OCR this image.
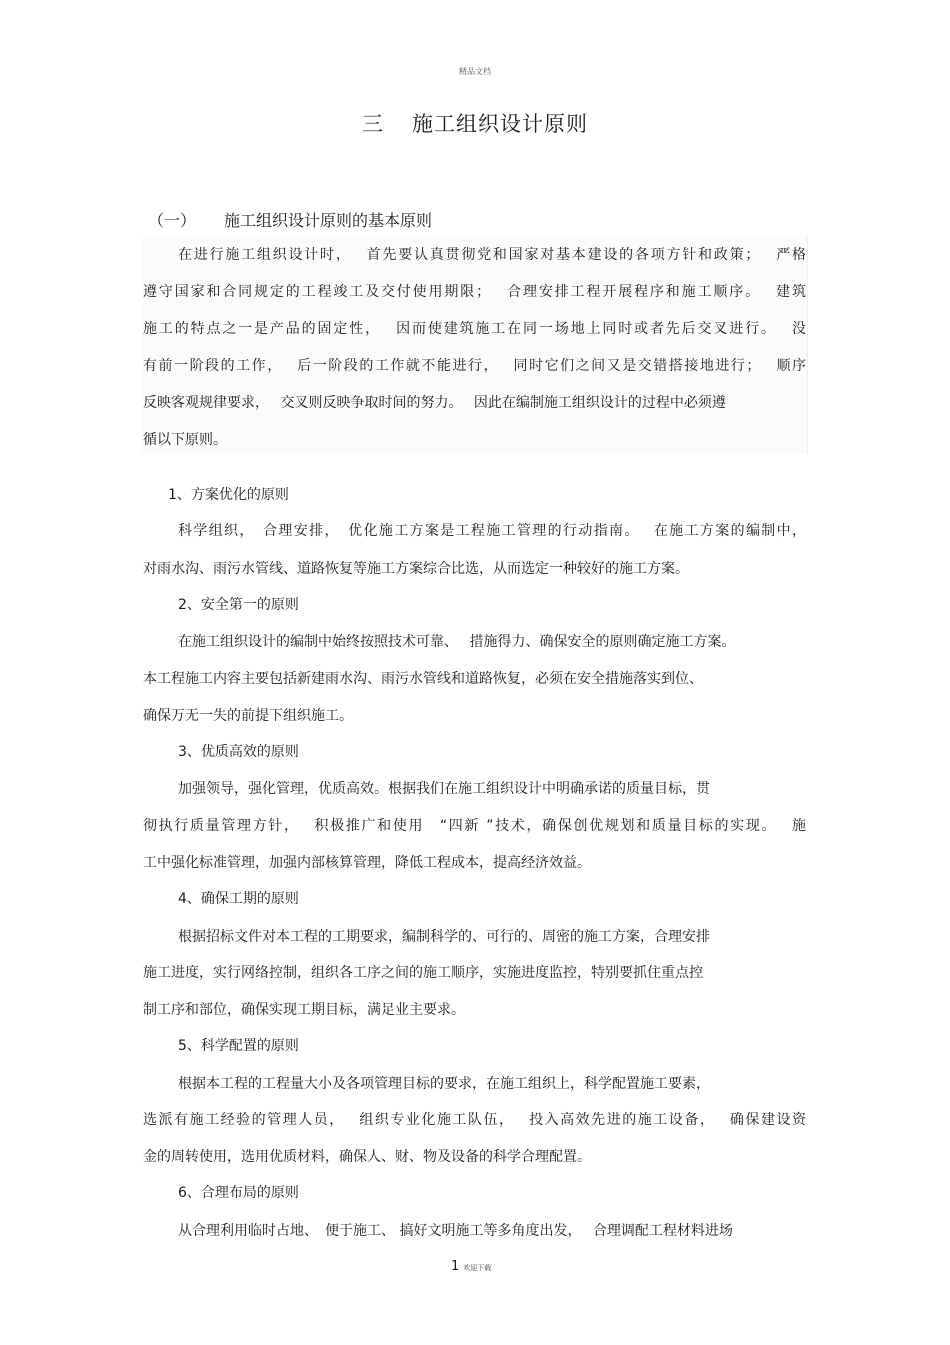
精品文档
三 施工组织设计原则
（一） 施工组织设计原则的基本原则
在进行施工组织设计时，　 首先要认真贯彻党和国家对基本建设的各项方针和政策；　 严格
遵守国家和合同规定的工程竣工及交付使用期限；　 合理安排工程开展程序和施工顺序。　 建筑
施工的特点之一是产品的固定性，　 因而使建筑施工在同一场地上同时或者先后交叉进行。　 没
有前一阶段的工作，　 后一阶段的工作就不能进行，　 同时它们之间又是交错搭接地进行；　 顺序
反映客观规律要求，　 交叉则反映争取时间的努力。　 因此在编制施工组织设计的过程中必须遵
循以下原则。
1、方案优化的原则
科学组织，　合理安排，　优化施工方案是工程施工管理的行动指南。　 在施工方案的编制中，
对雨水沟、雨污水管线、道路恢复等施工方案综合比选，从而选定一种较好的施工方案。
2、安全第一的原则
在施工组织设计的编制中始终按照技术可靠、　 措施得力、确保安全的原则确定施工方案。
本工程施工内容主要包括新建雨水沟、雨污水管线和道路恢复，必须在安全措施落实到位、
确保万无一失的前提下组织施工。
3、优质高效的原则
加强领导，强化管理，优质高效。根据我们在施工组织设计中明确承诺的质量目标，贯
彻执行质量管理方针，　 积极推广和使用　“四新 ”技术，确保创优规划和质量目标的实现。　 施
工中强化标准管理，加强内部核算管理，降低工程成本，提高经济效益。
4、确保工期的原则
根据招标文件对本工程的工期要求，编制科学的、可行的、周密的施工方案，合理安排
施工进度，实行网络控制，组织各工序之间的施工顺序，实施进度监控，特别要抓住重点控
制工序和部位，确保实现工期目标，满足业主要求。
5、科学配置的原则
根据本工程的工程量大小及各项管理目标的要求，在施工组织上，科学配置施工要素，
选派有施工经验的管理人员，　 组织专业化施工队伍，　 投入高效先进的施工设备，　 确保建设资
金的周转使用，选用优质材料，确保人、财、物及设备的科学合理配置。
6、合理布局的原则
从合理利用临时占地、　便于施工、 搞好文明施工等多角度出发，　 合理调配工程材料进场
1 欢迎下载
